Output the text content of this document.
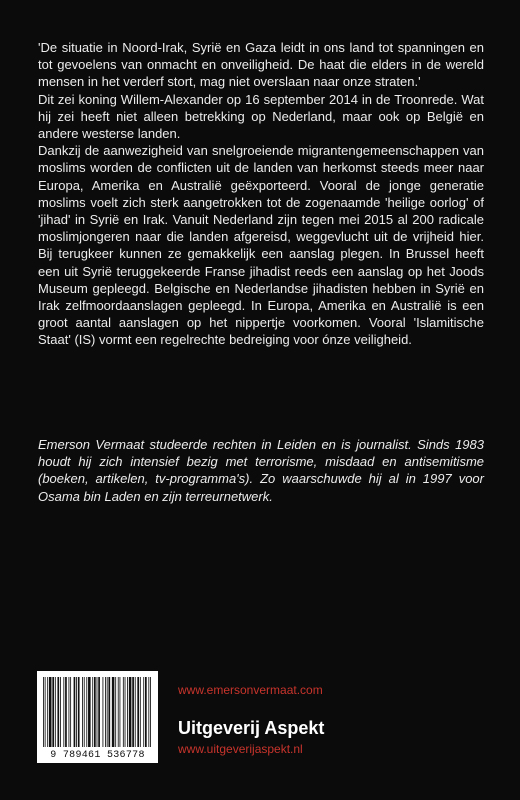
'De situatie in Noord-Irak, Syrië en Gaza leidt in ons land tot spanningen en tot gevoelens van onmacht en onveiligheid. De haat die elders in de wereld mensen in het verderf stort, mag niet overslaan naar onze straten.'

Dit zei koning Willem-Alexander op 16 september 2014 in de Troonrede. Wat hij zei heeft niet alleen betrekking op Nederland, maar ook op België en andere westerse landen.

Dankzij de aanwezigheid van snelgroeiende migrantengemeenschappen van moslims worden de conflicten uit de landen van herkomst steeds meer naar Europa, Amerika en Australië geëxporteerd. Vooral de jonge generatie moslims voelt zich sterk aangetrokken tot de zogenaamde 'heilige oorlog' of 'jihad' in Syrië en Irak. Vanuit Nederland zijn tegen mei 2015 al 200 radicale moslimjongeren naar die landen afgereisd, weggevlucht uit de vrijheid hier. Bij terugkeer kunnen ze gemakkelijk een aanslag plegen. In Brussel heeft een uit Syrië teruggekeerde Franse jihadist reeds een aanslag op het Joods Museum gepleegd. Belgische en Nederlandse jihadisten hebben in Syrië en Irak zelfmoordaanslagen gepleegd. In Europa, Amerika en Australië is een groot aantal aanslagen op het nippertje voorkomen. Vooral 'Islamitische Staat' (IS) vormt een regelrechte bedreiging voor ónze veiligheid.

Emerson Vermaat studeerde rechten in Leiden en is journalist. Sinds 1983 houdt hij zich intensief bezig met terrorisme, misdaad en antisemitisme (boeken, artikelen, tv-programma's). Zo waarschuwde hij al in 1997 voor Osama bin Laden en zijn terreurnetwerk.

9 789461 536778
www.emersonvermaat.com
Uitgeverij Aspekt
www.uitgeverijaspekt.nl
